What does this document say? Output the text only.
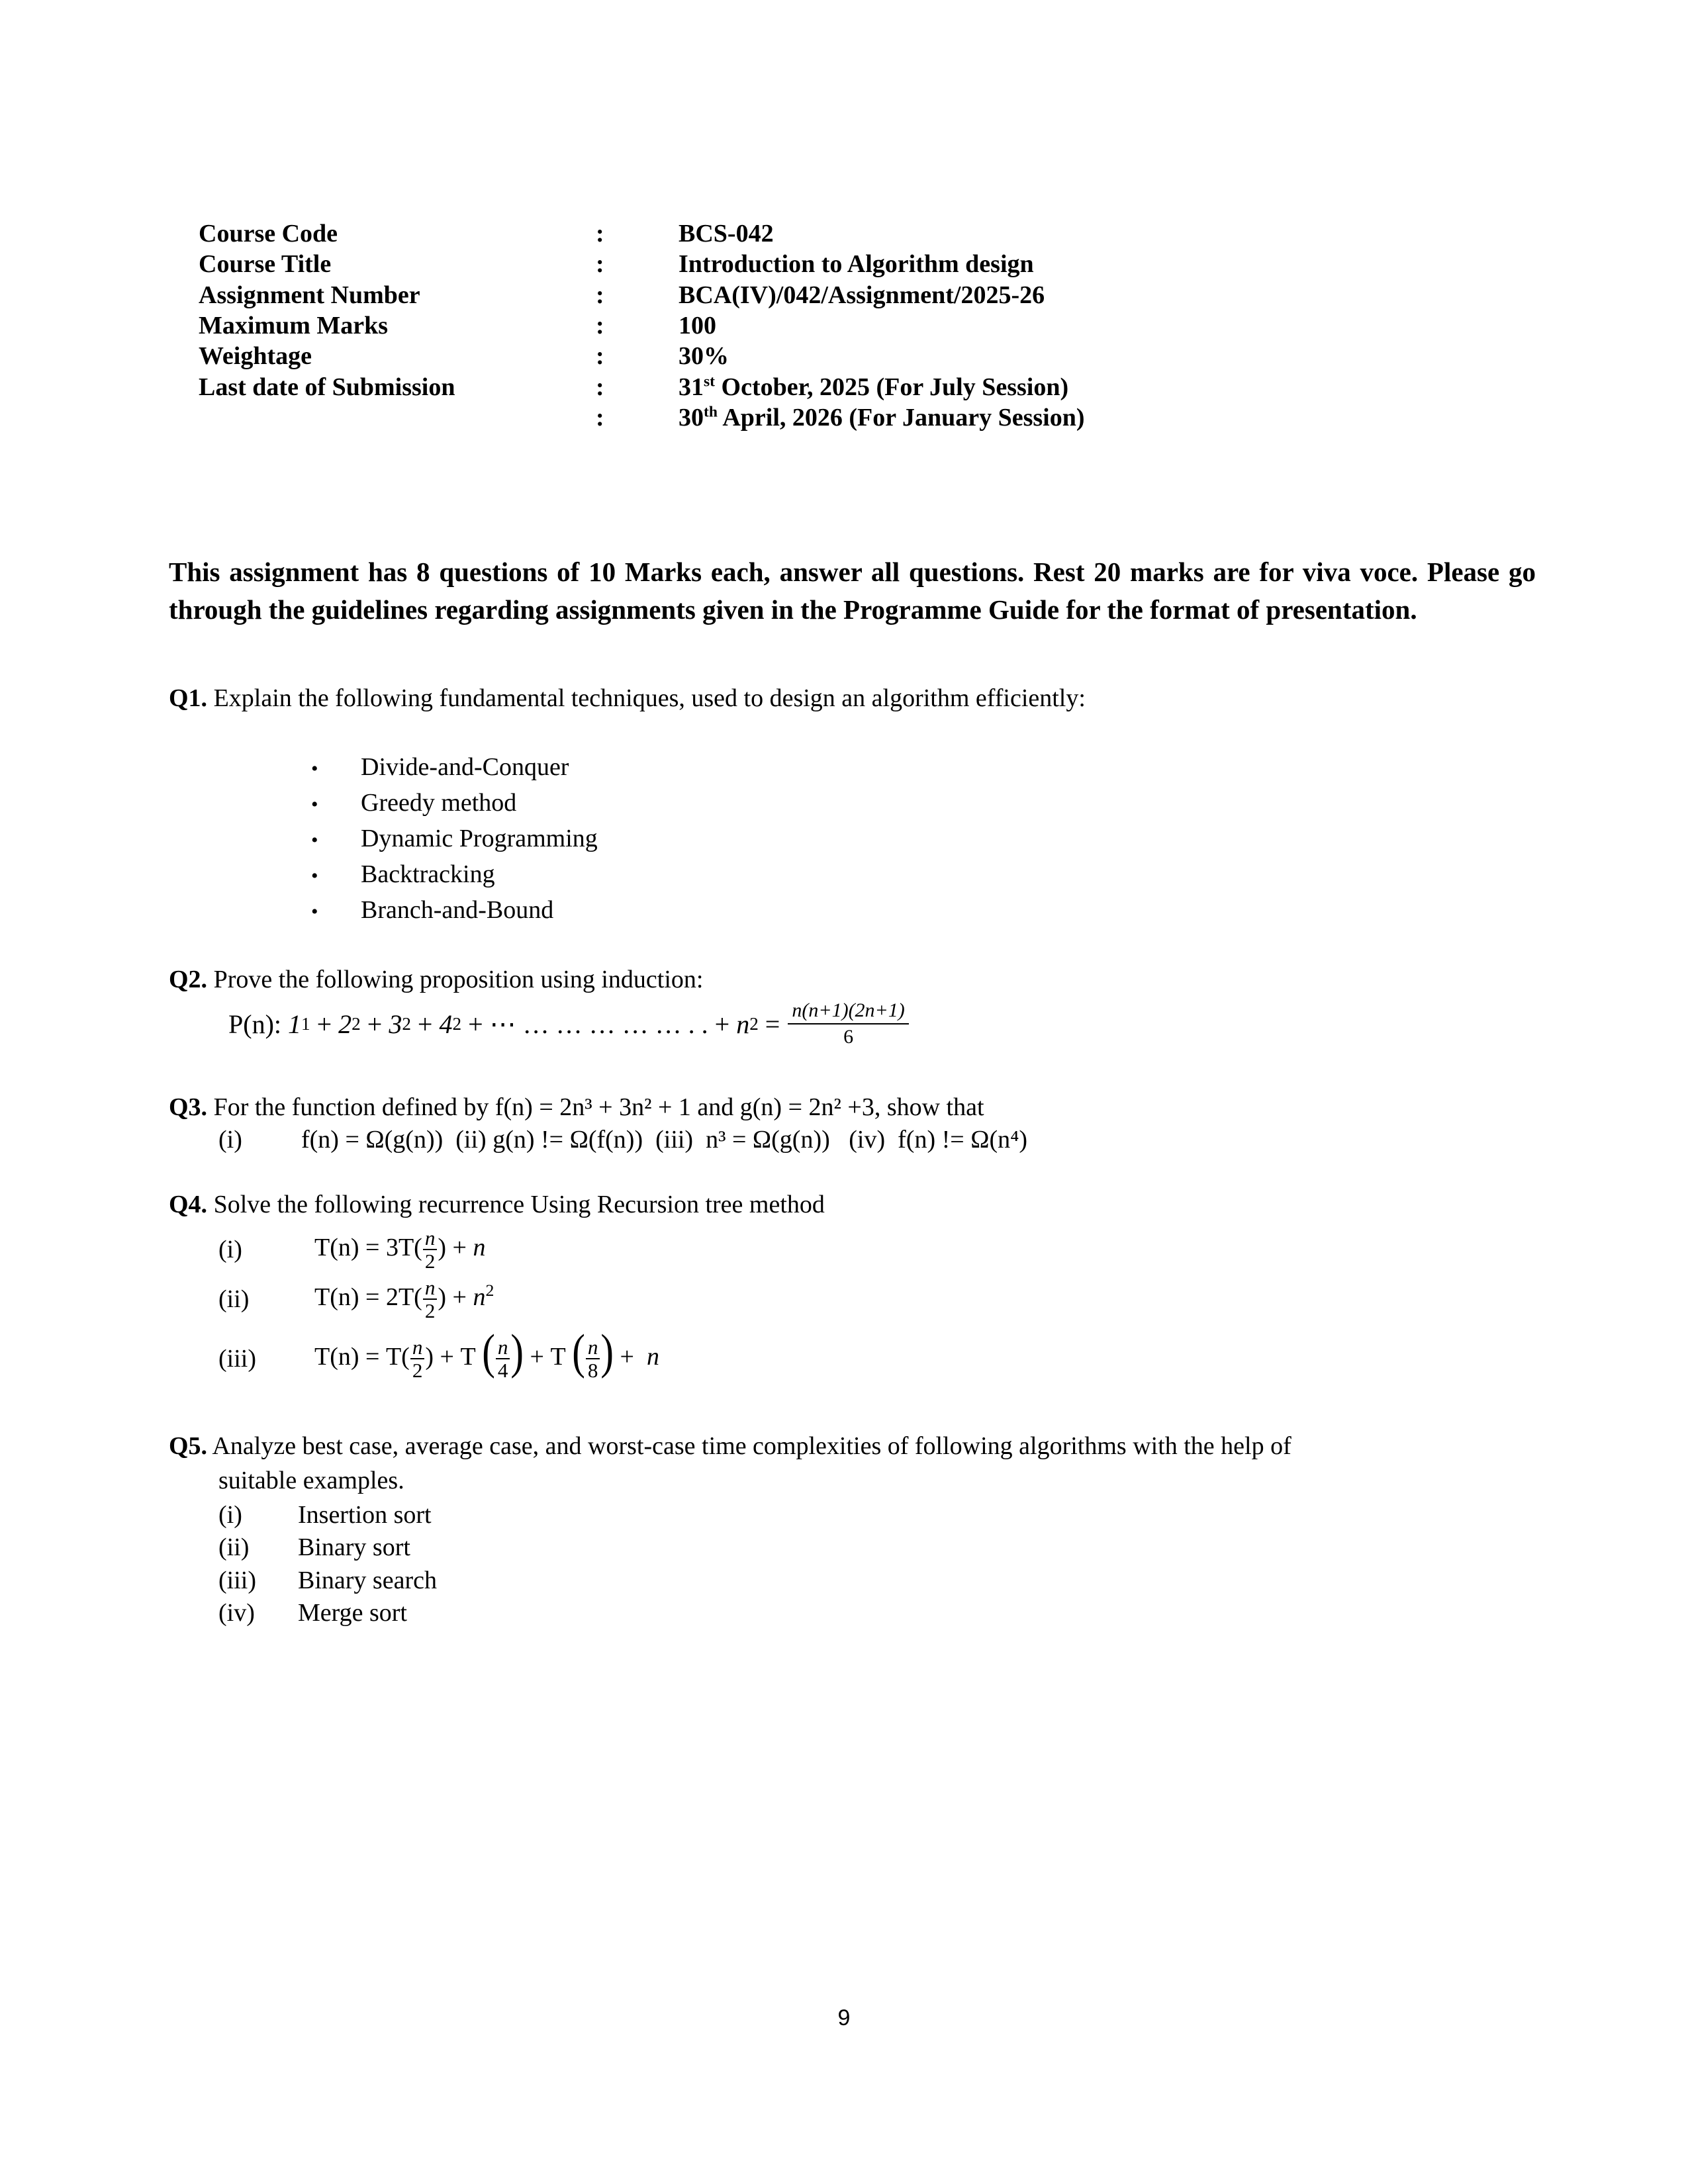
Course Code	:	BCS-042
Course Title	:	Introduction to Algorithm design
Assignment Number	:	BCA(IV)/042/Assignment/2025-26
Maximum Marks	:	100
Weightage	:	30%
Last date of Submission	:	31st October, 2025 (For July Session)
	:	30th April, 2026 (For January Session)

This assignment has 8 questions of 10 Marks each, answer all questions. Rest 20 marks are for viva voce. Please go through the guidelines regarding assignments given in the Programme Guide for the format of presentation.

Q1. Explain the following fundamental techniques, used to design an algorithm efficiently:
•	Divide-and-Conquer
•	Greedy method
•	Dynamic Programming
•	Backtracking
•	Branch-and-Bound
Q2. Prove the following proposition using induction:
P(n): 1 1 + 2 2 + 3 2 + 4 2 + ⋯ … … … … … . . + n 2
=
$\frac{n(n+1)(2n+1)}{6}$
Q3. For the function defined by f(n) = 2n³ + 3n² + 1 and g(n) = 2n² +3, show that
(i) f(n) = Ω(g(n)) (ii) g(n) != Ω(f(n)) (iii) n³ = Ω(g(n)) (iv) f(n) != Ω(n⁴)
Q4. Solve the following recurrence Using Recursion tree method
(i)	$T(n) = 3T( \frac{n}{2}$ ) + n
(ii)	$T(n) = 2T( \frac{n}{2}$ ) + $n^2$
(iii)	$T(n) = T( \frac{n}{2}$ ) + T ( $\frac{n}{4}$ ) + T ( $\frac{n}{8}$ ) +  n
Q5. Analyze best case, average case, and worst-case time complexities of following algorithms with the help of
suitable examples.
(i)	Insertion sort
(ii)	Binary sort
(iii)	Binary search
(iv)	Merge sort
9
